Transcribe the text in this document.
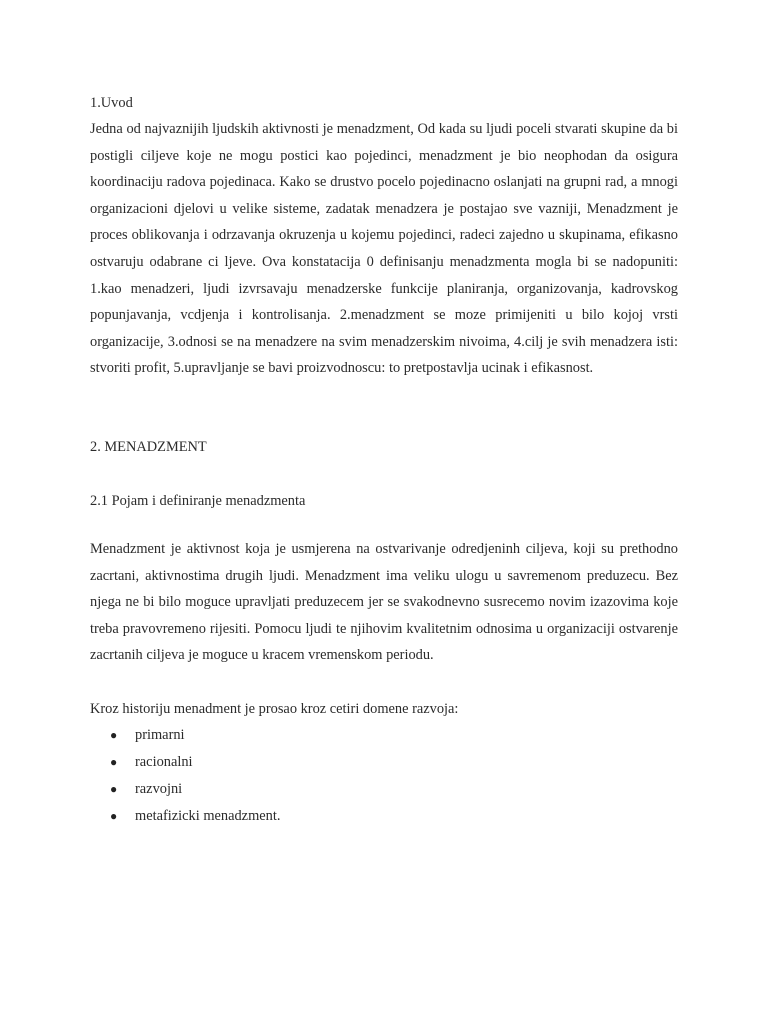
1.Uvod

Jedna od najvaznijih ljudskih aktivnosti je menadzment, Od kada su ljudi poceli stvarati skupine da bi postigli ciljeve koje ne mogu postici kao pojedinci, menadzment je bio neophodan da osigura koordinaciju radova pojedinaca. Kako se drustvo pocelo pojedinacno oslanjati na grupni rad, a mnogi organizacioni djelovi u velike sisteme, zadatak menadzera je postajao sve vazniji, Menadzment je proces oblikovanja i odrzavanja okruzenja u kojemu pojedinci, radeci zajedno u skupinama, efikasno ostvaruju odabrane ci ljeve. Ova konstatacija 0 definisanju menadzmenta mogla bi se nadopuniti: 1.kao menadzeri, ljudi izvrsavaju menadzerske funkcije planiranja, organizovanja, kadrovskog popunjavanja, vcdjenja i kontrolisanja. 2.menadzment se moze primijeniti u bilo kojoj vrsti organizacije, 3.odnosi se na menadzere na svim menadzerskim nivoima, 4.cilj je svih menadzera isti: stvoriti profit, 5.upravljanje se bavi proizvodnoscu: to pretpostavlja ucinak i efikasnost.

2. MENADZMENT

2.1 Pojam i definiranje menadzmenta

Menadzment je aktivnost koja je usmjerena na ostvarivanje odredjeninh ciljeva, koji su prethodno zacrtani, aktivnostima drugih ljudi. Menadzment ima veliku ulogu u savremenom preduzecu. Bez njega ne bi bilo moguce upravljati preduzecem jer se svakodnevno susrecemo novim izazovima koje treba pravovremeno rijesiti. Pomocu ljudi te njihovim kvalitetnim odnosima u organizaciji ostvarenje zacrtanih ciljeva je moguce u kracem vremenskom periodu.

Kroz historiju menadment je prosao kroz cetiri domene razvoja:

● primarni
● racionalni
● razvojni
● metafizicki menadzment.
